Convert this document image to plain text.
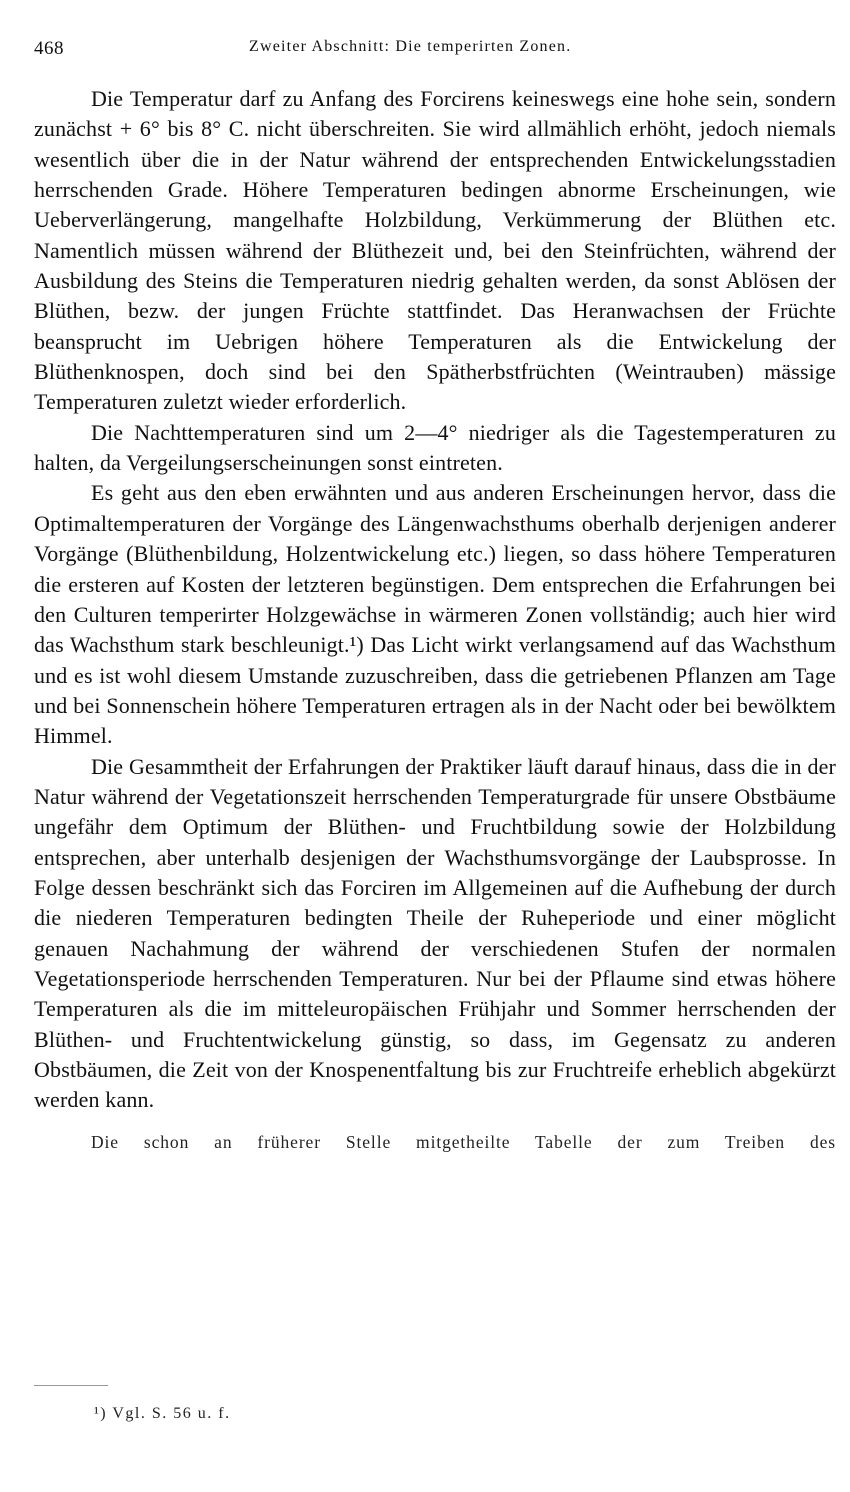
468	Zweiter Abschnitt: Die temperirten Zonen.

Die Temperatur darf zu Anfang des Forcirens keineswegs eine hohe sein, sondern zunächst + 6° bis 8° C. nicht überschreiten. Sie wird allmählich erhöht, jedoch niemals wesentlich über die in der Natur während der entsprechenden Entwickelungsstadien herrschenden Grade. Höhere Temperaturen bedingen abnorme Erscheinungen, wie Ueberverlängerung, mangelhafte Holzbildung, Verkümmerung der Blüthen etc. Namentlich müssen während der Blüthezeit und, bei den Steinfrüchten, während der Ausbildung des Steins die Temperaturen niedrig gehalten werden, da sonst Ablösen der Blüthen, bezw. der jungen Früchte stattfindet. Das Heranwachsen der Früchte beansprucht im Uebrigen höhere Temperaturen als die Entwickelung der Blüthenknospen, doch sind bei den Spätherbstfrüchten (Weintrauben) mässige Temperaturen zuletzt wieder erforderlich.

Die Nachttemperaturen sind um 2—4° niedriger als die Tagestemperaturen zu halten, da Vergeilungserscheinungen sonst eintreten.

Es geht aus den eben erwähnten und aus anderen Erscheinungen hervor, dass die Optimaltemperaturen der Vorgänge des Längenwachsthums oberhalb derjenigen anderer Vorgänge (Blüthenbildung, Holzentwickelung etc.) liegen, so dass höhere Temperaturen die ersteren auf Kosten der letzteren begünstigen. Dem entsprechen die Erfahrungen bei den Culturen temperirter Holzgewächse in wärmeren Zonen vollständig; auch hier wird das Wachsthum stark beschleunigt.¹) Das Licht wirkt verlangsamend auf das Wachsthum und es ist wohl diesem Umstande zuzuschreiben, dass die getriebenen Pflanzen am Tage und bei Sonnenschein höhere Temperaturen ertragen als in der Nacht oder bei bewölktem Himmel.

Die Gesammtheit der Erfahrungen der Praktiker läuft darauf hinaus, dass die in der Natur während der Vegetationszeit herrschenden Temperaturgrade für unsere Obstbäume ungefähr dem Optimum der Blüthen- und Fruchtbildung sowie der Holzbildung entsprechen, aber unterhalb desjenigen der Wachsthumsvorgänge der Laubsprosse. In Folge dessen beschränkt sich das Forciren im Allgemeinen auf die Aufhebung der durch die niederen Temperaturen bedingten Theile der Ruheperiode und einer möglicht genauen Nachahmung der während der verschiedenen Stufen der normalen Vegetationsperiode herrschenden Temperaturen. Nur bei der Pflaume sind etwas höhere Temperaturen als die im mitteleuropäischen Frühjahr und Sommer herrschenden der Blüthen- und Fruchtentwickelung günstig, so dass, im Gegensatz zu anderen Obstbäumen, die Zeit von der Knospenentfaltung bis zur Fruchtreife erheblich abgekürzt werden kann.

Die schon an früherer Stelle mitgetheilte Tabelle der zum Treiben des

¹) Vgl. S. 56 u. f.
